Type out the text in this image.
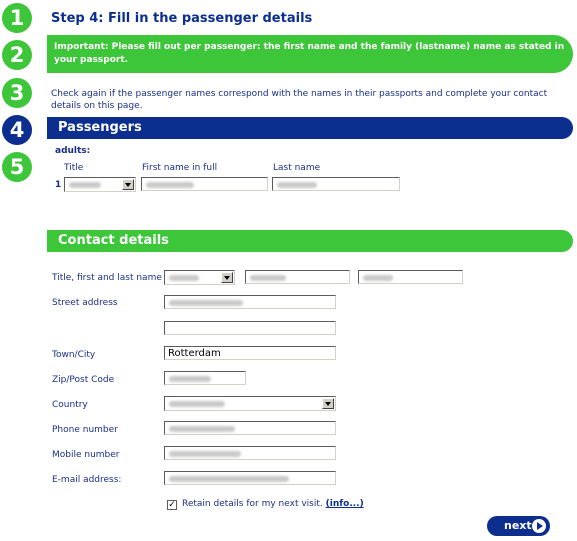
1
2
3
4
5
Step 4: Fill in the passenger details
Important: Please fill out per passenger: the first name and the family (lastname) name as stated in your passport.
Check again if the passenger names correspond with the names in their passports and complete your contact details on this page.
Passengers
adults:
Title	First name in full	Last name
1
Contact details
Title, first and last name
Street address
Town/City	Rotterdam
Zip/Post Code
Country
Phone number
Mobile number
E-mail address:
✓ Retain details for my next visit. (info...)
next
